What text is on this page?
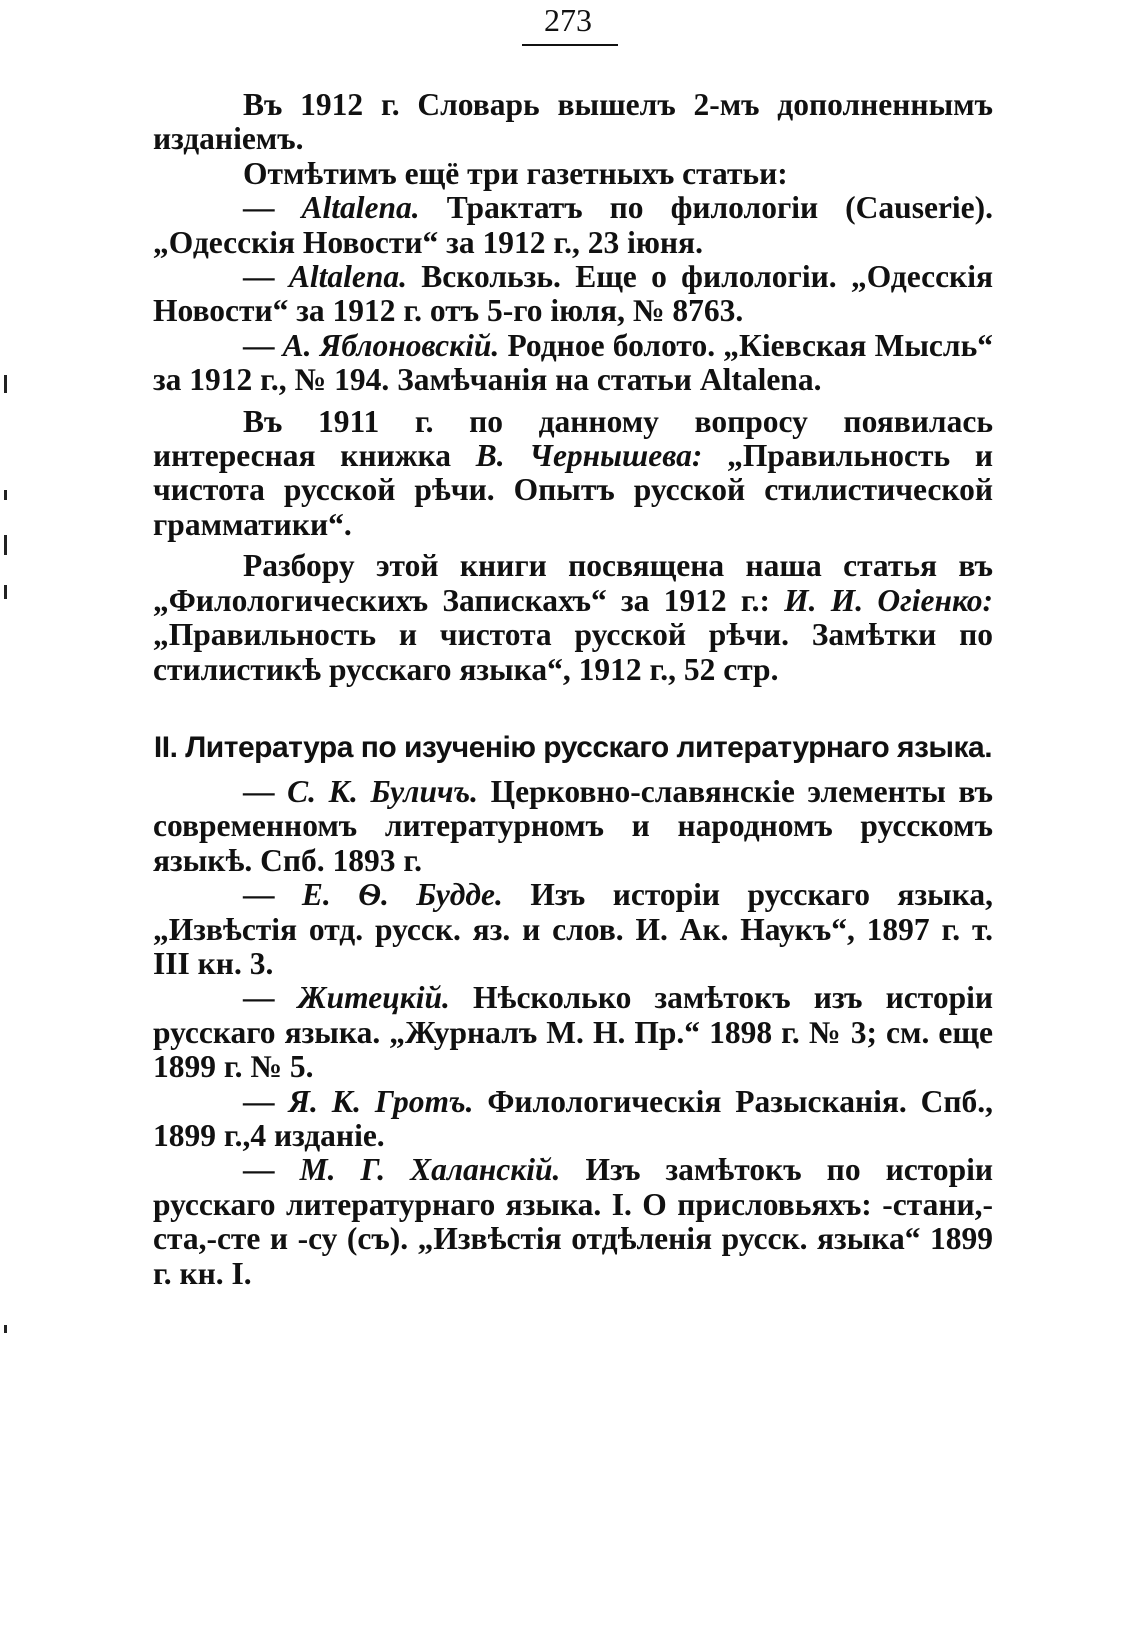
273

Въ 1912 г. Словарь вышелъ 2-мъ дополненнымъ изданіемъ.

Отмѣтимъ ещё три газетныхъ статьи:

— Altalena. Трактатъ по филологіи (Causerie). „Одесскія Новости“ за 1912 г., 23 іюня.

— Altalena. Вскользь. Еще о филологіи. „Одесскія Новости“ за 1912 г. отъ 5-го іюля, № 8763.

— А. Яблоновскій. Родное болото. „Кіевская Мысль“ за 1912 г., № 194. Замѣчанія на статьи Altalena.

Въ 1911 г. по данному вопросу появилась интересная книжка В. Чернышева: „Правильность и чистота русской рѣчи. Опытъ русской стилистической грамматики“.

Разбору этой книги посвящена наша статья въ „Филологическихъ Запискахъ“ за 1912 г.: И. И. Огіенко: „Правильность и чистота русской рѣчи. Замѣтки по стилистикѣ русскаго языка“, 1912 г., 52 стр.

II. Литература по изученію русскаго литературнаго языка.

— С. К. Буличъ. Церковно-славянскіе элементы въ современномъ литературномъ и народномъ русскомъ языкѣ. Спб. 1893 г.

— Е. Ѳ. Будде. Изъ исторіи русскаго языка, „Извѣстія отд. русск. яз. и слов. И. Ак. Наукъ“, 1897 г. т. III кн. 3.

— Житецкій. Нѣсколько замѣтокъ изъ исторіи русскаго языка. „Журналъ М. Н. Пр.“ 1898 г. № 3; см. еще 1899 г. № 5.

— Я. К. Гротъ. Филологическія Разысканія. Спб., 1899 г.,4 изданіе.

— М. Г. Халанскій. Изъ замѣтокъ по исторіи русскаго литературнаго языка. I. О присловьяхъ: -стани,-ста,-сте и -су (съ). „Извѣстія отдѣленія русск. языка“ 1899 г. кн. I.
